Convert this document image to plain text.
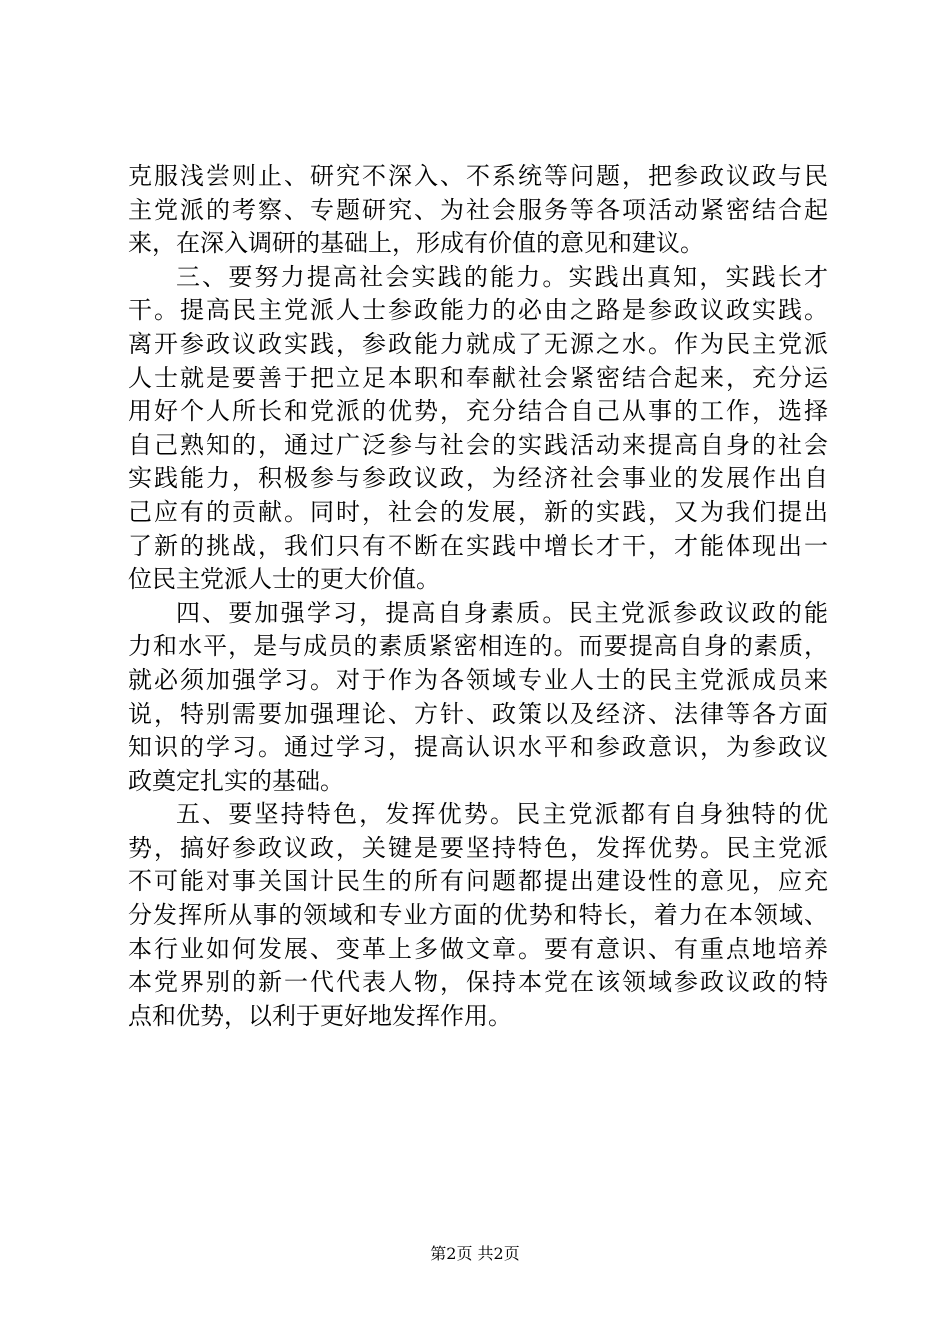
克服浅尝则止、研究不深入、不系统等问题，把参政议政与民
主党派的考察、专题研究、为社会服务等各项活动紧密结合起
来，在深入调研的基础上，形成有价值的意见和建议。
三、要努力提高社会实践的能力。实践出真知，实践长才
干。提高民主党派人士参政能力的必由之路是参政议政实践。
离开参政议政实践，参政能力就成了无源之水。作为民主党派
人士就是要善于把立足本职和奉献社会紧密结合起来，充分运
用好个人所长和党派的优势，充分结合自己从事的工作，选择
自己熟知的，通过广泛参与社会的实践活动来提高自身的社会
实践能力，积极参与参政议政，为经济社会事业的发展作出自
己应有的贡献。同时，社会的发展，新的实践，又为我们提出
了新的挑战，我们只有不断在实践中增长才干，才能体现出一
位民主党派人士的更大价值。
四、要加强学习，提高自身素质。民主党派参政议政的能
力和水平，是与成员的素质紧密相连的。而要提高自身的素质，
就必须加强学习。对于作为各领域专业人士的民主党派成员来
说，特别需要加强理论、方针、政策以及经济、法律等各方面
知识的学习。通过学习，提高认识水平和参政意识，为参政议
政奠定扎实的基础。
五、要坚持特色，发挥优势。民主党派都有自身独特的优
势，搞好参政议政，关键是要坚持特色，发挥优势。民主党派
不可能对事关国计民生的所有问题都提出建设性的意见，应充
分发挥所从事的领域和专业方面的优势和特长，着力在本领域、
本行业如何发展、变革上多做文章。要有意识、有重点地培养
本党界别的新一代代表人物，保持本党在该领域参政议政的特
点和优势，以利于更好地发挥作用。
第2页 共2页
